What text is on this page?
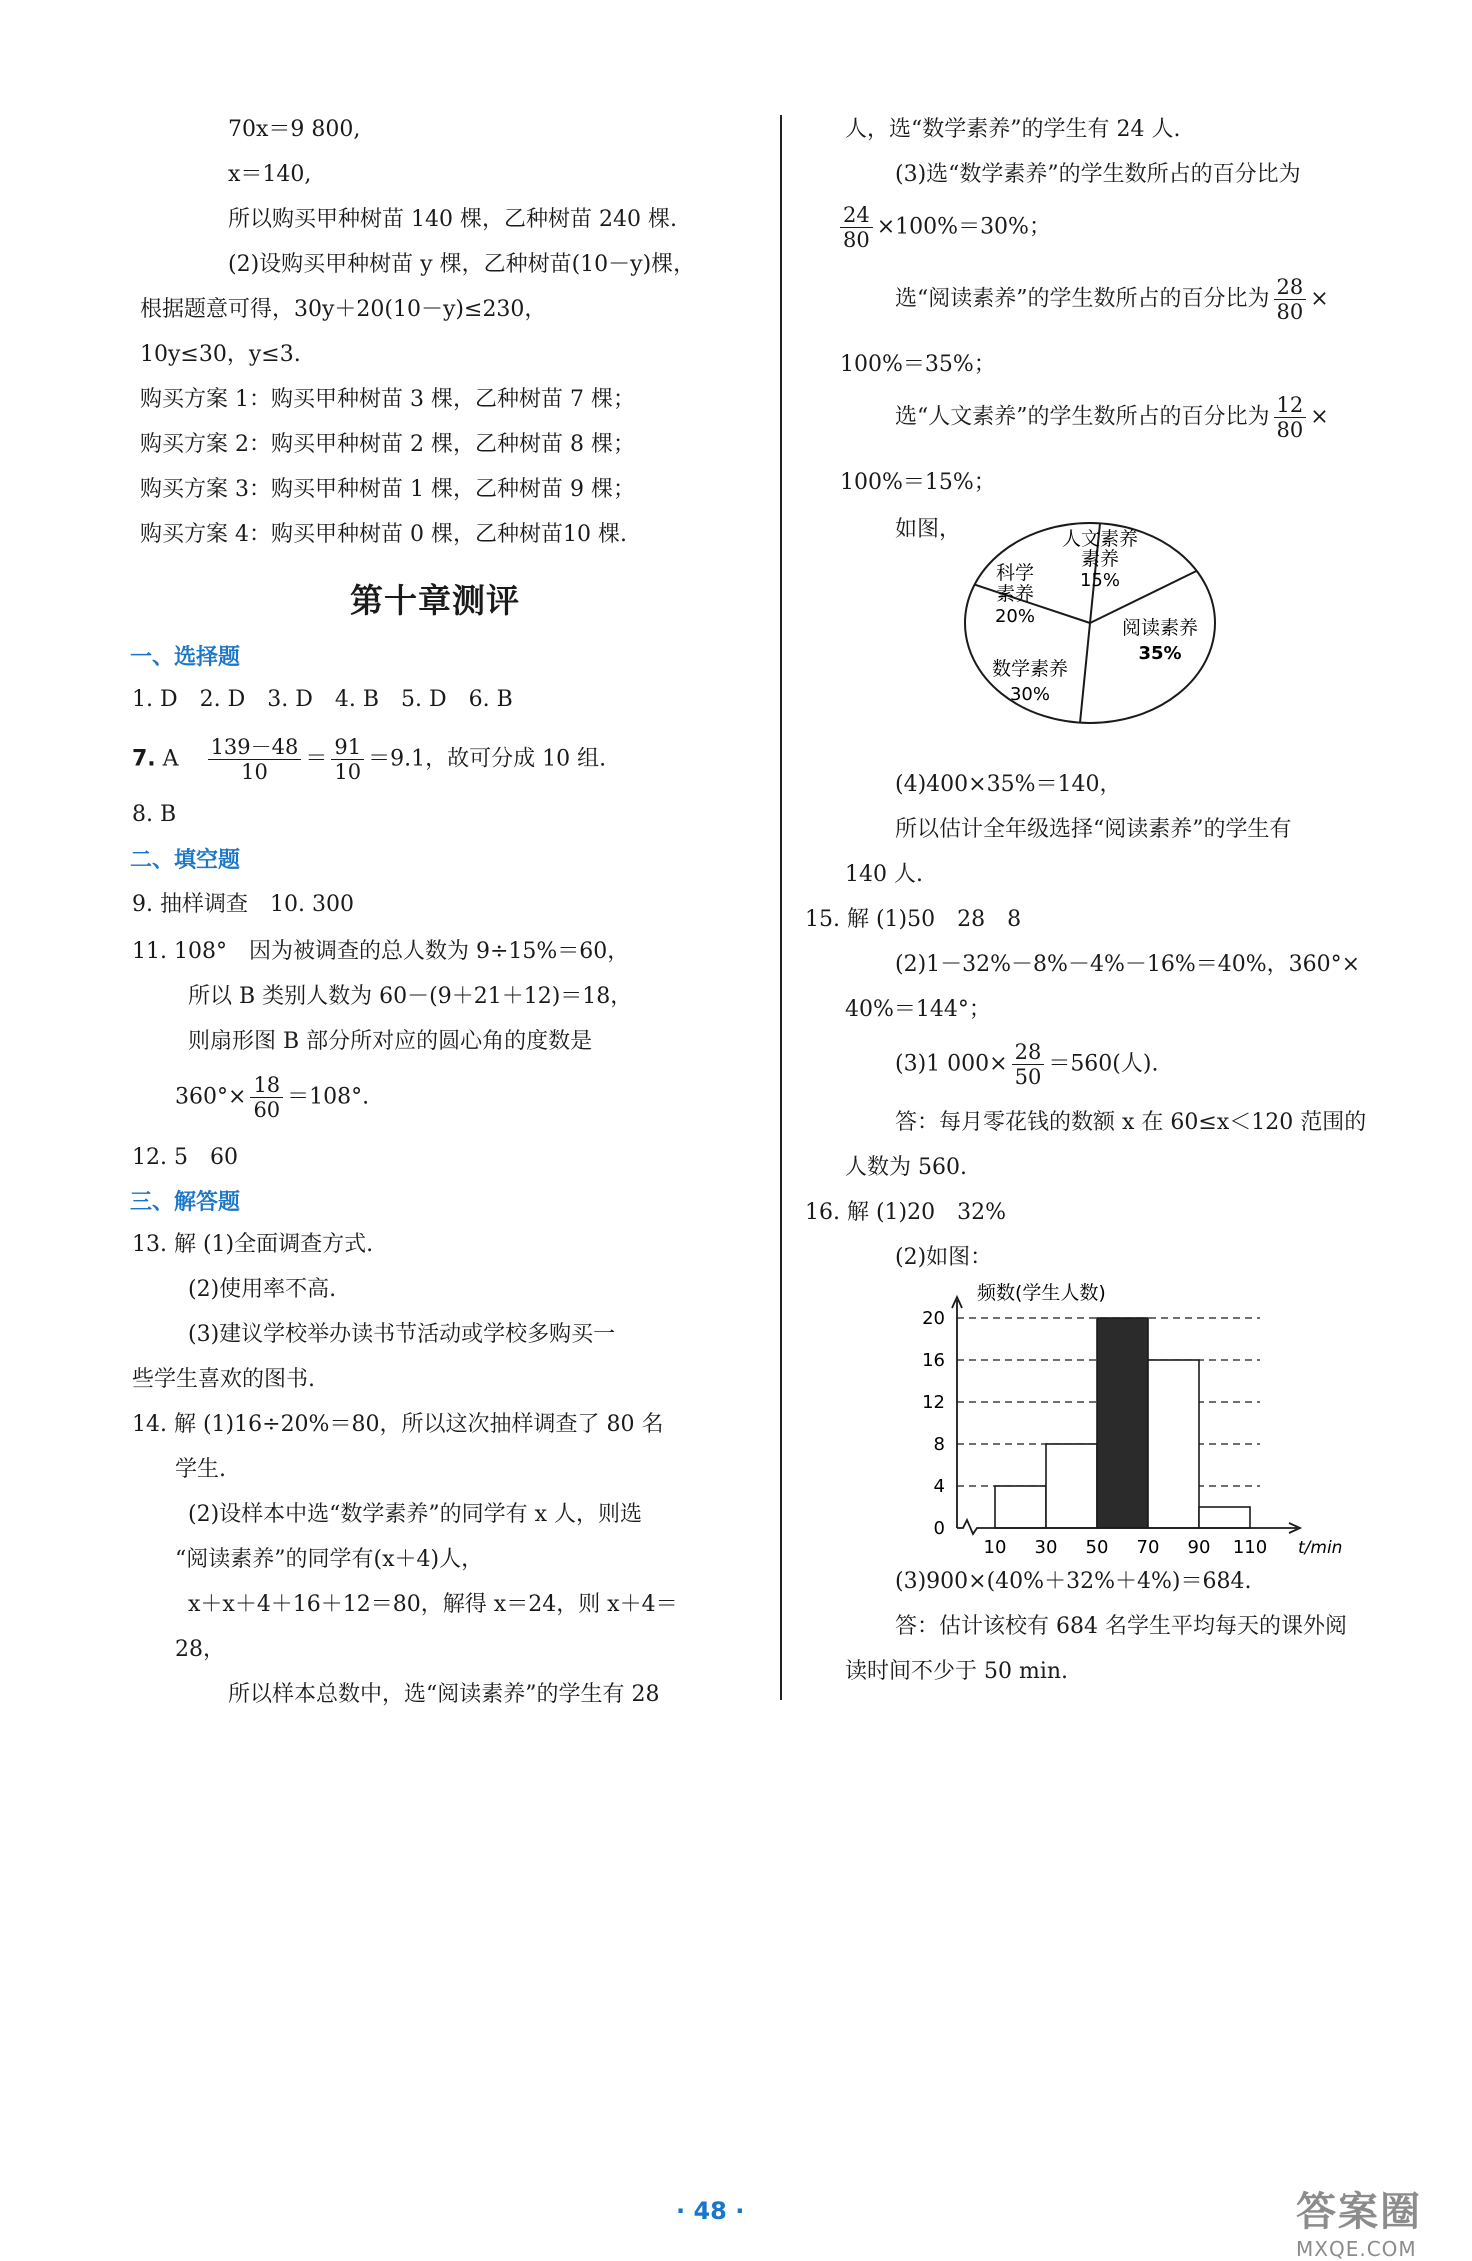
70x＝9 800,
x＝140,
所以购买甲种树苗 140 棵，乙种树苗 240 棵.
(2)设购买甲种树苗 y 棵，乙种树苗(10－y)棵，
根据题意可得，30y＋20(10－y)≤230，
10y≤30，y≤3.
购买方案 1：购买甲种树苗 3 棵，乙种树苗 7 棵；
购买方案 2：购买甲种树苗 2 棵，乙种树苗 8 棵；
购买方案 3：购买甲种树苗 1 棵，乙种树苗 9 棵；
购买方案 4：购买甲种树苗 0 棵，乙种树苗10 棵.
第十章测评
一、选择题
1. D　2. D　3. D　4. B　5. D　6. B
7. A $\frac{139-48}{10} = \frac{91}{10} =9.1$，故可分成 10 组.
8. B
二、填空题
9. 抽样调查　10. 300
11. 108°　因为被调查的总人数为 9÷15%＝60，
所以 B 类别人数为 60－(9＋21＋12)＝18，
则扇形图 B 部分所对应的圆心角的度数是
$360^\circ\times \frac{18}{60} =108^\circ$.
12. 5　60
三、解答题
13. 解 (1)全面调查方式.
(2)使用率不高.
(3)建议学校举办读书节活动或学校多购买一
些学生喜欢的图书.
14. 解 (1)16÷20%＝80，所以这次抽样调查了 80 名
学生.
(2)设样本中选“数学素养”的同学有 x 人，则选
“阅读素养”的同学有(x＋4)人，
x＋x＋4＋16＋12＝80，解得 x＝24，则 x＋4＝
28，
所以样本总数中，选“阅读素养”的学生有 28
人，选“数学素养”的学生有 24 人.
(3)选“数学素养”的学生数所占的百分比为
$\frac{24}{80} \times 100\%=30\%$；
选“阅读素养”的学生数所占的百分比为 $\frac{28}{80}$ ×
100%＝35%；
选“人文素养”的学生数所占的百分比为 $\frac{12}{80}$ ×
100%＝15%；
如图，	人文素养
素养
15%
阅读素养
35%
数学素养
30%
科学
素养
20%
(4)400×35%＝140，
所以估计全年级选择“阅读素养”的学生有
140 人.
15. 解 (1)50　28　8
(2)1－32%－8%－4%－16%＝40%，360°×
40%＝144°；
(3)1 $000\times \frac{28}{50} =560$(人).
答：每月零花钱的数额 x 在 60≤x＜120 范围的
人数为 560.
16. 解 (1)20　32%
(2)如图：
频数(学生人数)
t/min
0
4
8
12
16
20
10 30 50 70 90 110
(3)900×(40%＋32%＋4%)＝684.
答：估计该校有 684 名学生平均每天的课外阅
读时间不少于 50 min.
· 48 ·	答案圈
MXQE.COM
